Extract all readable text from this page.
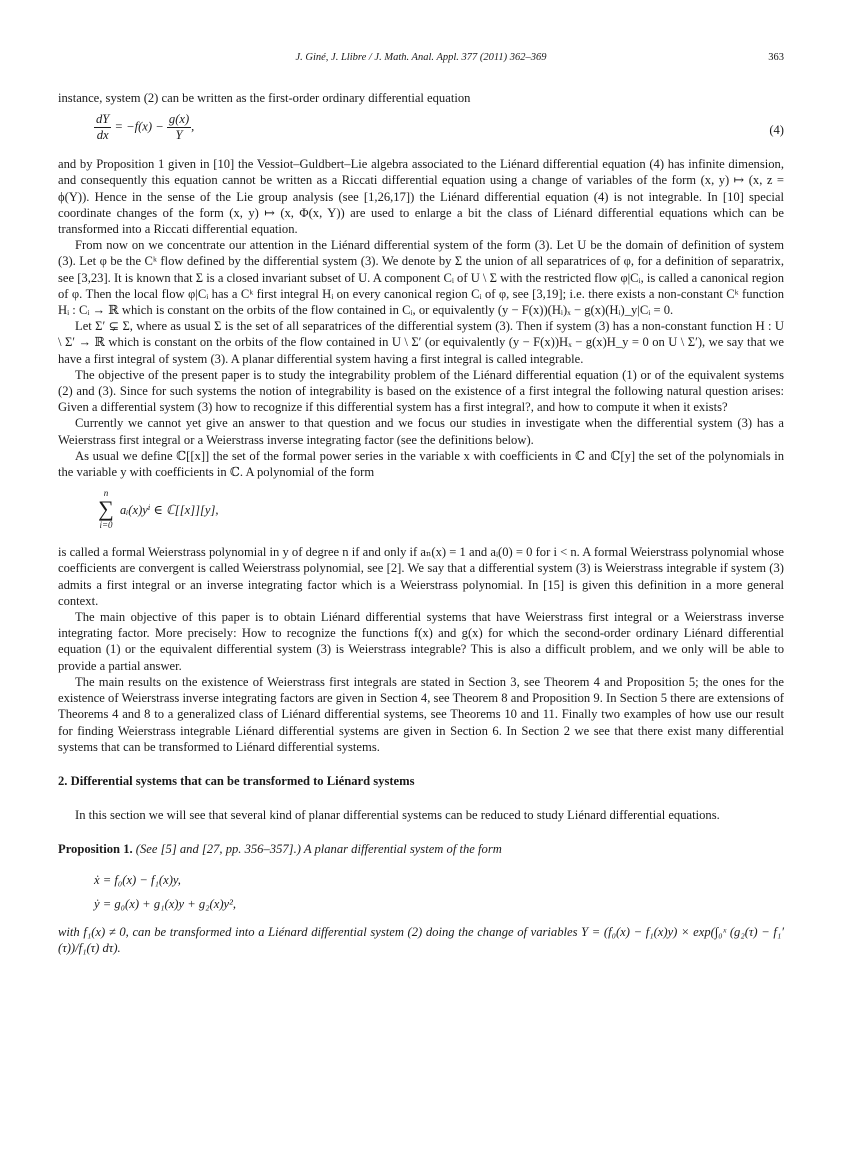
J. Giné, J. Llibre / J. Math. Anal. Appl. 377 (2011) 362–369	363

instance, system (2) can be written as the first-order ordinary differential equation

$\frac{dY}{dx} = -f(x) - \frac{g(x)}{Y}$ ,	(4)

and by Proposition 1 given in [10] the Vessiot–Guldbert–Lie algebra associated to the Liénard differential equation (4) has infinite dimension, and consequently this equation cannot be written as a Riccati differential equation using a change of variables of the form (x, y) ↦ (x, z = ϕ(Y)). Hence in the sense of the Lie group analysis (see [1,26,17]) the Liénard differential equation (4) is not integrable. In [10] special coordinate changes of the form (x, y) ↦ (x, Φ(x, Y)) are used to enlarge a bit the class of Liénard differential equations which can be transformed into a Riccati differential equation.

From now on we concentrate our attention in the Liénard differential system of the form (3). Let U be the domain of definition of system (3). Let φ be the Cᵏ flow defined by the differential system (3). We denote by Σ the union of all separatrices of φ, for a definition of separatrix, see [3,23]. It is known that Σ is a closed invariant subset of U. A component Cᵢ of U \ Σ with the restricted flow φ|Cᵢ, is called a canonical region of φ. Then the local flow φ|Cᵢ has a Cᵏ first integral Hᵢ on every canonical region Cᵢ of φ, see [3,19]; i.e. there exists a non-constant Cᵏ function Hᵢ : Cᵢ → ℝ which is constant on the orbits of the flow contained in Cᵢ, or equivalently (y − F(x))(Hᵢ)ₓ − g(x)(Hᵢ)_y|Cᵢ = 0.

Let Σ′ ⊊ Σ, where as usual Σ is the set of all separatrices of the differential system (3). Then if system (3) has a non-constant function H : U \ Σ′ → ℝ which is constant on the orbits of the flow contained in U \ Σ′ (or equivalently (y − F(x))Hₓ − g(x)H_y = 0 on U \ Σ′), we say that we have a first integral of system (3). A planar differential system having a first integral is called integrable.

The objective of the present paper is to study the integrability problem of the Liénard differential equation (1) or of the equivalent systems (2) and (3). Since for such systems the notion of integrability is based on the existence of a first integral the following natural question arises: Given a differential system (3) how to recognize if this differential system has a first integral?, and how to compute it when it exists?

Currently we cannot yet give an answer to that question and we focus our studies in investigate when the differential system (3) has a Weierstrass first integral or a Weierstrass inverse integrating factor (see the definitions below).

As usual we define ℂ[[x]] the set of the formal power series in the variable x with coefficients in ℂ and ℂ[y] the set of the polynomials in the variable y with coefficients in ℂ. A polynomial of the form

n
∑
i=0
aᵢ(x)yⁱ ∈ ℂ[[x]][y],

is called a formal Weierstrass polynomial in y of degree n if and only if aₙ(x) = 1 and aᵢ(0) = 0 for i < n. A formal Weierstrass polynomial whose coefficients are convergent is called Weierstrass polynomial, see [2]. We say that a differential system (3) is Weierstrass integrable if system (3) admits a first integral or an inverse integrating factor which is a Weierstrass polynomial. In [15] is given this definition in a more general context.

The main objective of this paper is to obtain Liénard differential systems that have Weierstrass first integral or a Weierstrass inverse integrating factor. More precisely: How to recognize the functions f(x) and g(x) for which the second-order ordinary Liénard differential equation (1) or the equivalent differential system (3) is Weierstrass integrable? This is also a difficult problem, and we only will be able to provide a partial answer.

The main results on the existence of Weierstrass first integrals are stated in Section 3, see Theorem 4 and Proposition 5; the ones for the existence of Weierstrass inverse integrating factors are given in Section 4, see Theorem 8 and Proposition 9. In Section 5 there are extensions of Theorems 4 and 8 to a generalized class of Liénard differential systems, see Theorems 10 and 11. Finally two examples of how use our result for finding Weierstrass integrable Liénard differential systems are given in Section 6. In Section 2 we see that there exist many differential systems that can be transformed to Liénard differential systems.

2. Differential systems that can be transformed to Liénard systems

In this section we will see that several kind of planar differential systems can be reduced to study Liénard differential equations.

Proposition 1. (See [5] and [27, pp. 356–357].) A planar differential system of the form

ẋ = f₀(x) − f₁(x)y,
ẏ = g₀(x) + g₁(x)y + g₂(x)y²,

with f₁(x) ≠ 0, can be transformed into a Liénard differential system (2) doing the change of variables Y = (f₀(x) − f₁(x)y) × exp(∫₀ˣ (g₂(τ) − f₁′(τ))/f₁(τ) dτ).
